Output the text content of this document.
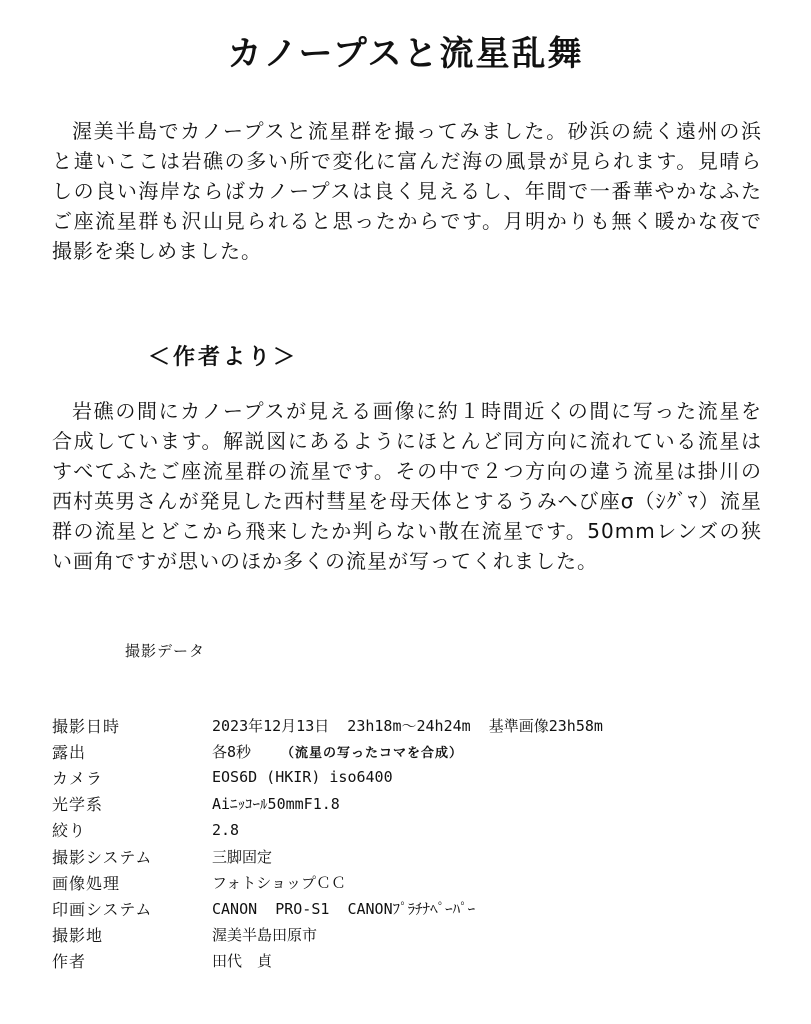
カノープスと流星乱舞

渥美半島でカノープスと流星群を撮ってみました。砂浜の続く遠州の浜と違いここは岩礁の多い所で変化に富んだ海の風景が見られます。見晴らしの良い海岸ならばカノープスは良く見えるし、年間で一番華やかなふたご座流星群も沢山見られると思ったからです。月明かりも無く暖かな夜で撮影を楽しめました。

＜作者より＞

岩礁の間にカノープスが見える画像に約１時間近くの間に写った流星を合成しています。解説図にあるようにほとんど同方向に流れている流星はすべてふたご座流星群の流星です。その中で２つ方向の違う流星は掛川の西村英男さんが発見した西村彗星を母天体とするうみへび座σ（ｼｸﾞﾏ）流星群の流星とどこから飛来したか判らない散在流星です。50mmレンズの狭い画角ですが思いのほか多くの流星が写ってくれました。

撮影データ
撮影日時	2023年12月13日  23h18m～24h24m  基準画像23h58m
露出	各8秒 （流星の写ったコマを合成）
カメラ	EOS6D (HKIR) iso6400
光学系	Aiﾆｯｺｰﾙ50mmF1.8
絞り	2.8
撮影システム	三脚固定
画像処理	フォトショップＣＣ
印画システム	CANON  PRO-S1  CANONﾌﾟﾗﾁﾅﾍﾟｰﾊﾟｰ
撮影地	渥美半島田原市
作者	田代　貞
